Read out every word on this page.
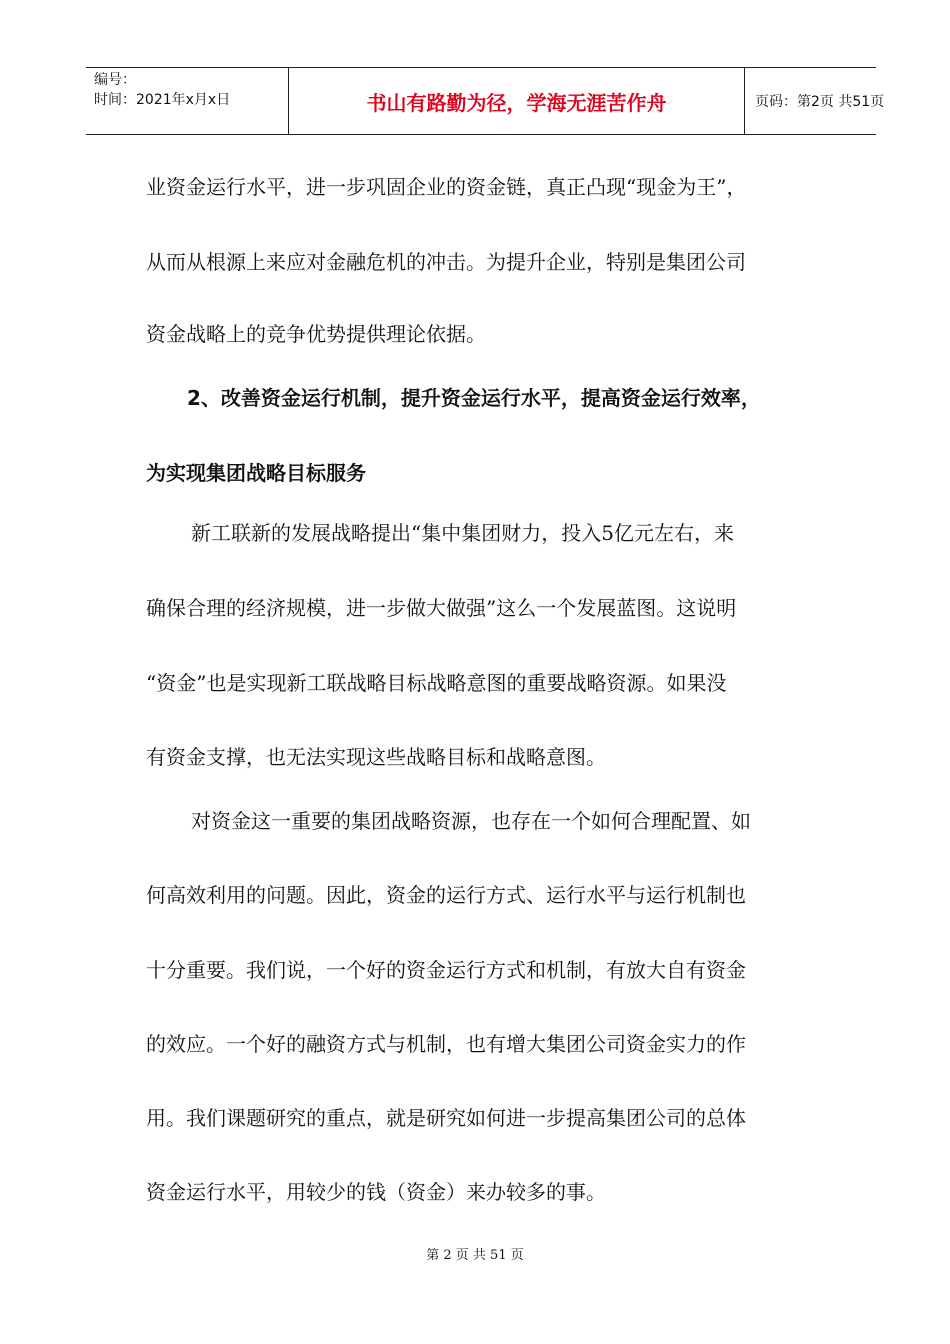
编号：
时间：2021年x月x日	书山有路勤为径，学海无涯苦作舟	页码：第2页 共51页
业资金运行水平，进一步巩固企业的资金链，真正凸现“现金为王”，
从而从根源上来应对金融危机的冲击。为提升企业，特别是集团公司
资金战略上的竞争优势提供理论依据。
2、改善资金运行机制，提升资金运行水平，提高资金运行效率，
为实现集团战略目标服务
新工联新的发展战略提出“集中集团财力，投入5亿元左右，来
确保合理的经济规模，进一步做大做强”这么一个发展蓝图。这说明
“资金”也是实现新工联战略目标战略意图的重要战略资源。如果没
有资金支撑，也无法实现这些战略目标和战略意图。
对资金这一重要的集团战略资源，也存在一个如何合理配置、如
何高效利用的问题。因此，资金的运行方式、运行水平与运行机制也
十分重要。我们说，一个好的资金运行方式和机制，有放大自有资金
的效应。一个好的融资方式与机制，也有增大集团公司资金实力的作
用。我们课题研究的重点，就是研究如何进一步提高集团公司的总体
资金运行水平，用较少的钱（资金）来办较多的事。
第 2 页 共 51 页
